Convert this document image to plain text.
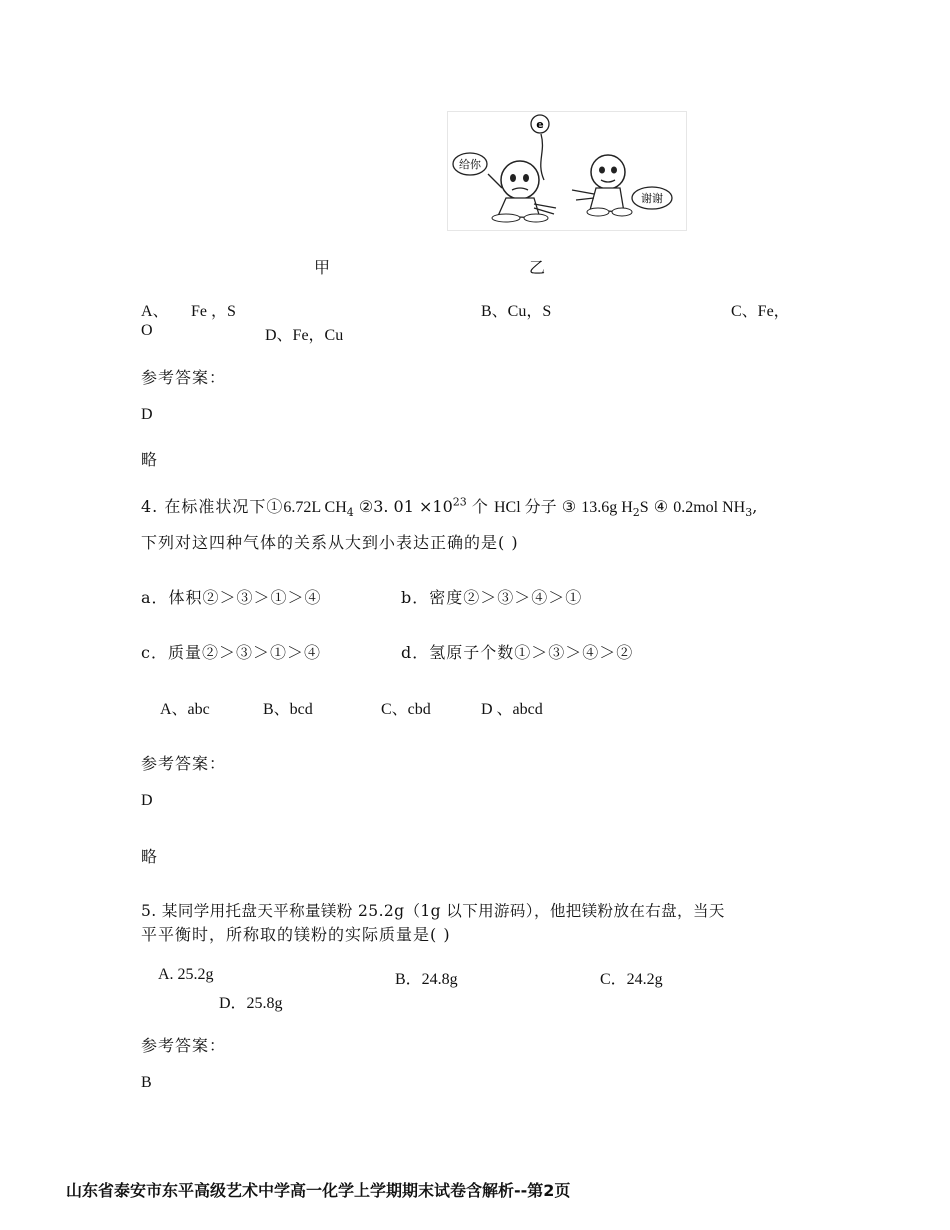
e
给你
谢谢
甲	乙
A、 Fe ，S	B、Cu，S	C、Fe，
O	D、Fe，Cu
参考答案：
D
略
4. 在标准状况下①6.72L $CH_4$ ②3. $01 \times 10^{23}$ 个 HCl 分子 ③ 13.6g $H_2S$ ④ 0.2mol $NH_3$,
下列对这四种气体的关系从大到小表达正确的是( )
a．体积②＞③＞①＞④	b．密度②＞③＞④＞①
c．质量②＞③＞①＞④	d．氢原子个数①＞③＞④＞②
A、abc	B、bcd	C、cbd	D 、abcd
参考答案：
D
略
5. 某同学用托盘天平称量镁粉 25.2g（1g 以下用游码），他把镁粉放在右盘，当天
平平衡时，所称取的镁粉的实际质量是( )
A. 25.2g	B．24.8g	C．24.2g
D．25.8g
参考答案：
B
山东省泰安市东平高级艺术中学高一化学上学期期末试卷含解析--第2页
